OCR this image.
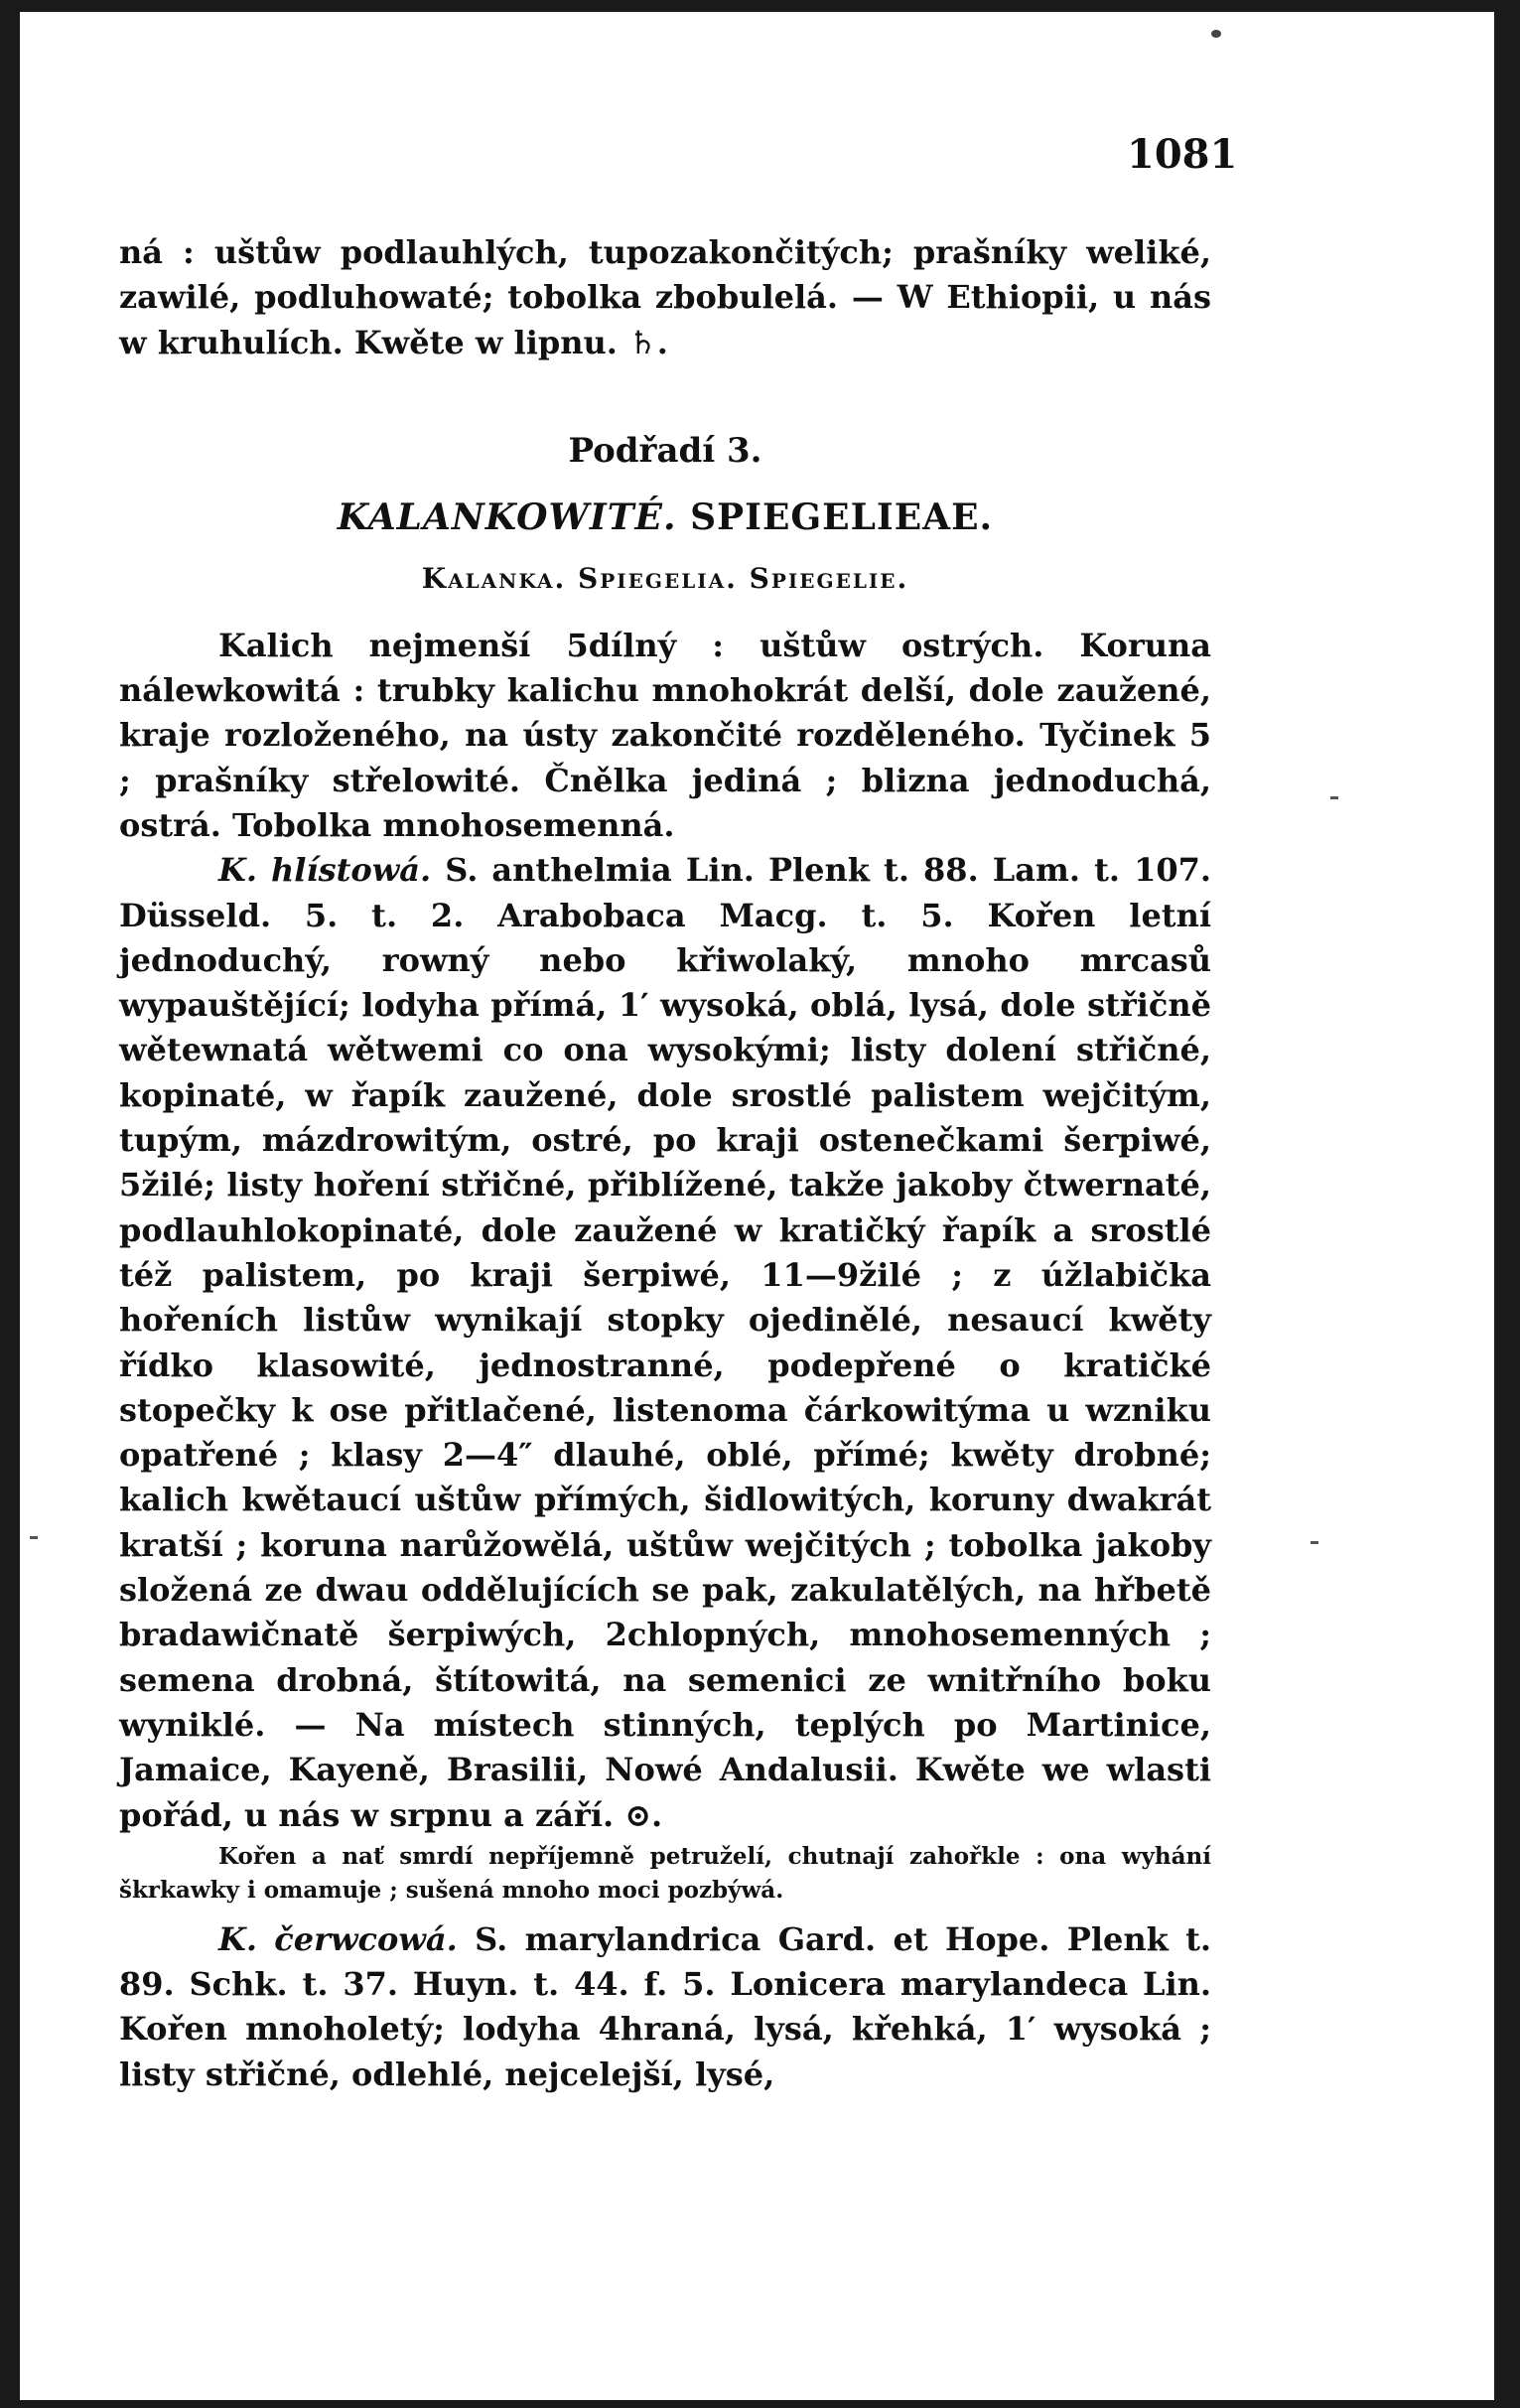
1081

ná : uštůw podlauhlých, tupozakončitých; prašníky weliké, zawilé, podluhowaté; tobolka zbobulelá. — W Ethiopii, u nás w kruhulích. Kwěte w lipnu. ♄.

Podřadí 3.

KALANKOWITÉ. SPIEGELIEAE.

Kalanka. Spiegelia. Spiegelie.

Kalich nejmenší 5dílný : uštůw ostrých. Koruna nálewkowitá : trubky kalichu mnohokrát delší, dole zaužené, kraje rozloženého, na ústy zakončité rozděleného. Tyčinek 5 ; prašníky střelowité. Čnělka jediná ; blizna jednoduchá, ostrá. Tobolka mnohosemenná.

K. hlístowá. S. anthelmia Lin. Plenk t. 88. Lam. t. 107. Düsseld. 5. t. 2. Arabobaca Macg. t. 5. Kořen letní jednoduchý, rowný nebo křiwolaký, mnoho mrcasů wypauštějící; lodyha přímá, 1′ wysoká, oblá, lysá, dole střičně wětewnatá wětwemi co ona wysokými; listy dolení střičné, kopinaté, w řapík zaužené, dole srostlé palistem wejčitým, tupým, mázdrowitým, ostré, po kraji ostenečkami šerpiwé, 5žilé; listy hoření střičné, přiblížené, takže jakoby čtwernaté, podlauhlokopinaté, dole zaužené w kratičký řapík a srostlé též palistem, po kraji šerpiwé, 11—9žilé ; z úžlabička hořeních listůw wynikají stopky ojedinělé, nesaucí kwěty řídko klasowité, jednostranné, podepřené o kratičké stopečky k ose přitlačené, listenoma čárkowitýma u wzniku opatřené ; klasy 2—4″ dlauhé, oblé, přímé; kwěty drobné; kalich kwětaucí uštůw přímých, šidlowitých, koruny dwakrát kratší ; koruna narůžowělá, uštůw wejčitých ; tobolka jakoby složená ze dwau oddělujících se pak, zakulatělých, na hřbetě bradawičnatě šerpiwých, 2chlopných, mnohosemenných ; semena drobná, štítowitá, na semenici ze wnitřního boku wyniklé. — Na místech stinných, teplých po Martinice, Jamaice, Kayeně, Brasilii, Nowé Andalusii. Kwěte we wlasti pořád, u nás w srpnu a září. ⊙.

Kořen a nať smrdí nepříjemně petruželí, chutnají zahořkle : ona wyhání škrkawky i omamuje ; sušená mnoho moci pozbýwá.

K. čerwcowá. S. marylandrica Gard. et Hope. Plenk t. 89. Schk. t. 37. Huyn. t. 44. f. 5. Lonicera marylandeca Lin. Kořen mnoholetý; lodyha 4hraná, lysá, křehká, 1′ wysoká ; listy střičné, odlehlé, nejcelejší, lysé,
